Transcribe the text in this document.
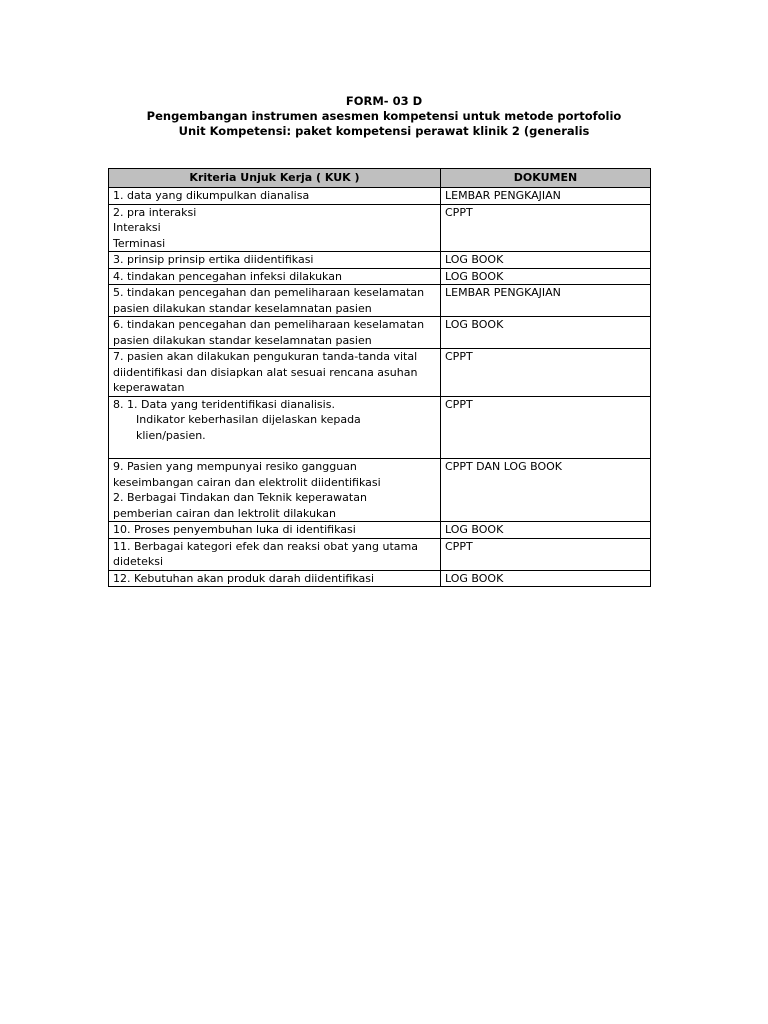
FORM- 03 D
Pengembangan instrumen asesmen kompetensi untuk metode portofolio
Unit Kompetensi: paket kompetensi perawat klinik 2 (generalis
Kriteria Unjuk Kerja ( KUK )	DOKUMEN

1. data yang dikumpulkan dianalisa	LEMBAR PENGKAJIAN

2. pra interaksi
Interaksi
Terminasi	CPPT

3. prinsip prinsip ertika diidentifikasi	LOG BOOK

4. tindakan pencegahan infeksi dilakukan	LOG BOOK

5. tindakan pencegahan dan pemeliharaan keselamatan
pasien dilakukan standar keselamnatan pasien	LEMBAR PENGKAJIAN

6. tindakan pencegahan dan pemeliharaan keselamatan
pasien dilakukan standar keselamnatan pasien	LOG BOOK

7. pasien akan dilakukan pengukuran tanda-tanda vital
diidentifikasi dan disiapkan alat sesuai rencana asuhan
keperawatan	CPPT

8. 1. Data yang teridentifikasi dianalisis.
Indikator keberhasilan dijelaskan kepada
klien/pasien.	CPPT

9. Pasien yang mempunyai resiko gangguan
keseimbangan cairan dan elektrolit diidentifikasi
2. Berbagai Tindakan dan Teknik keperawatan
pemberian cairan dan lektrolit dilakukan	CPPT DAN LOG BOOK

10. Proses penyembuhan luka di identifikasi	LOG BOOK

11. Berbagai kategori efek dan reaksi obat yang utama
dideteksi	CPPT

12. Kebutuhan akan produk darah diidentifikasi	LOG BOOK
